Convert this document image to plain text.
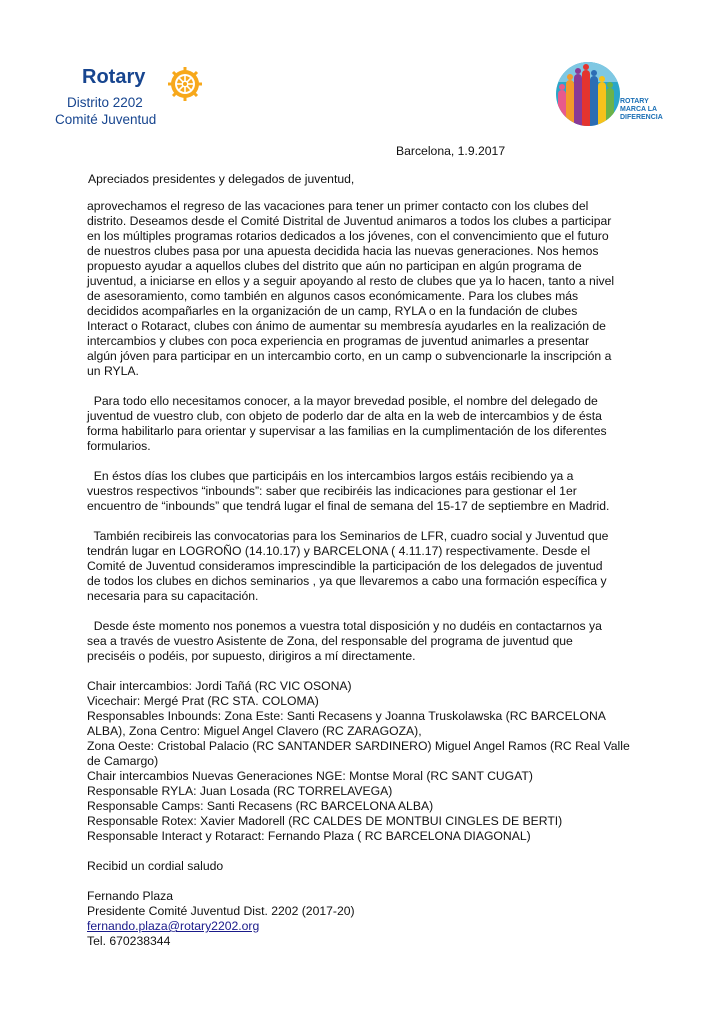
Rotary
Distrito 2202
Comité Juventud
ROTARY
MARCA LA
DIFERENCIA
Barcelona, 1.9.2017
Apreciados presidentes y delegados de juventud,

aprovechamos el regreso de las vacaciones para tener un primer contacto con los clubes del

distrito. Deseamos desde el Comité Distrital de Juventud animaros a todos los clubes a participar

en los múltiples programas rotarios dedicados a los jóvenes, con el convencimiento que el futuro

de nuestros clubes pasa por una apuesta decidida hacia las nuevas generaciones. Nos hemos

propuesto ayudar a aquellos clubes del distrito que aún no participan en algún programa de

juventud, a iniciarse en ellos y a seguir apoyando al resto de clubes que ya lo hacen, tanto a nivel

de asesoramiento, como también en algunos casos económicamente. Para los clubes más

decididos acompañarles en la organización de un camp, RYLA o en la fundación de clubes

Interact o Rotaract, clubes con ánimo de aumentar su membresía ayudarles en la realización de

intercambios y clubes con poca experiencia en programas de juventud animarles a presentar

algún jóven para participar en un intercambio corto, en un camp o subvencionarle la inscripción a

un RYLA.

Para todo ello necesitamos conocer, a la mayor brevedad posible, el nombre del delegado de

juventud de vuestro club, con objeto de poderlo dar de alta en la web de intercambios y de ésta

forma habilitarlo para orientar y supervisar a las familias en la cumplimentación de los diferentes

formularios.

En éstos días los clubes que participáis en los intercambios largos estáis recibiendo ya a

vuestros respectivos “inbounds”: saber que recibiréis las indicaciones para gestionar el 1er

encuentro de “inbounds” que tendrá lugar el final de semana del 15-17 de septiembre en Madrid.

También recibireis las convocatorias para los Seminarios de LFR, cuadro social y Juventud que

tendrán lugar en LOGROÑO (14.10.17) y BARCELONA ( 4.11.17) respectivamente. Desde el

Comité de Juventud consideramos imprescindible la participación de los delegados de juventud

de todos los clubes en dichos seminarios , ya que llevaremos a cabo una formación específica y

necesaria para su capacitación.

Desde éste momento nos ponemos a vuestra total disposición y no dudéis en contactarnos ya

sea a través de vuestro Asistente de Zona, del responsable del programa de juventud que

preciséis o podéis, por supuesto, dirigiros a mí directamente.

Chair intercambios: Jordi Tañá (RC VIC OSONA)

Vicechair: Mergé Prat (RC STA. COLOMA)

Responsables Inbounds: Zona Este: Santi Recasens y Joanna Truskolawska (RC BARCELONA

ALBA), Zona Centro: Miguel Angel Clavero (RC ZARAGOZA),

Zona Oeste: Cristobal Palacio (RC SANTANDER SARDINERO) Miguel Angel Ramos (RC Real Valle

de Camargo)

Chair intercambios Nuevas Generaciones NGE: Montse Moral (RC SANT CUGAT)

Responsable RYLA: Juan Losada (RC TORRELAVEGA)

Responsable Camps: Santi Recasens (RC BARCELONA ALBA)

Responsable Rotex: Xavier Madorell (RC CALDES DE MONTBUI CINGLES DE BERTI)

Responsable Interact y Rotaract: Fernando Plaza ( RC BARCELONA DIAGONAL)

Recibid un cordial saludo

Fernando Plaza

Presidente Comité Juventud Dist. 2202 (2017-20)

fernando.plaza@rotary2202.org

Tel. 670238344
